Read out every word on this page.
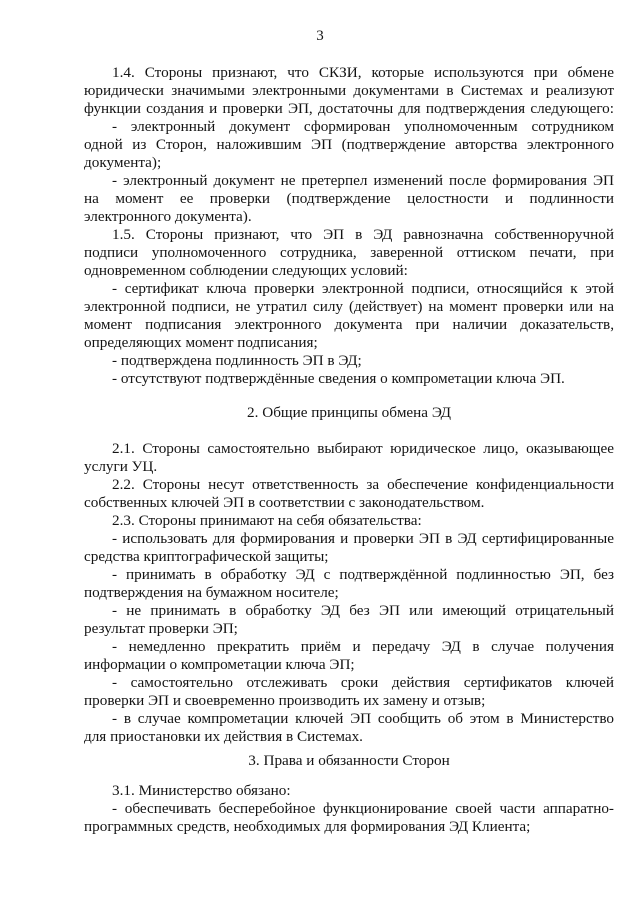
3
1.4. Стороны признают, что СКЗИ, которые используются при обмене
юридически значимыми электронными документами в Системах и реализуют
функции создания и проверки ЭП, достаточны для подтверждения следующего:
- электронный документ сформирован уполномоченным сотрудником
одной из Сторон, наложившим ЭП (подтверждение авторства электронного
документа);
- электронный документ не претерпел изменений после формирования ЭП
на момент ее проверки (подтверждение целостности и подлинности
электронного документа).
1.5. Стороны признают, что ЭП в ЭД равнозначна собственноручной
подписи уполномоченного сотрудника, заверенной оттиском печати, при
одновременном соблюдении следующих условий:
- сертификат ключа проверки электронной подписи, относящийся к этой
электронной подписи, не утратил силу (действует) на момент проверки или на
момент подписания электронного документа при наличии доказательств,
определяющих момент подписания;
- подтверждена подлинность ЭП в ЭД;
- отсутствуют подтверждённые сведения о компрометации ключа ЭП.
2. Общие принципы обмена ЭД
2.1. Стороны самостоятельно выбирают юридическое лицо, оказывающее
услуги УЦ.
2.2. Стороны несут ответственность за обеспечение конфиденциальности
собственных ключей ЭП в соответствии с законодательством.
2.3. Стороны принимают на себя обязательства:
- использовать для формирования и проверки ЭП в ЭД сертифицированные
средства криптографической защиты;
- принимать в обработку ЭД с подтверждённой подлинностью ЭП, без
подтверждения на бумажном носителе;
- не принимать в обработку ЭД без ЭП или имеющий отрицательный
результат проверки ЭП;
- немедленно прекратить приём и передачу ЭД в случае получения
информации о компрометации ключа ЭП;
- самостоятельно отслеживать сроки действия сертификатов ключей
проверки ЭП и своевременно производить их замену и отзыв;
- в случае компрометации ключей ЭП сообщить об этом в Министерство
для приостановки их действия в Системах.
3. Права и обязанности Сторон
3.1. Министерство обязано:
- обеспечивать бесперебойное функционирование своей части аппаратно-
программных средств, необходимых для формирования ЭД Клиента;
